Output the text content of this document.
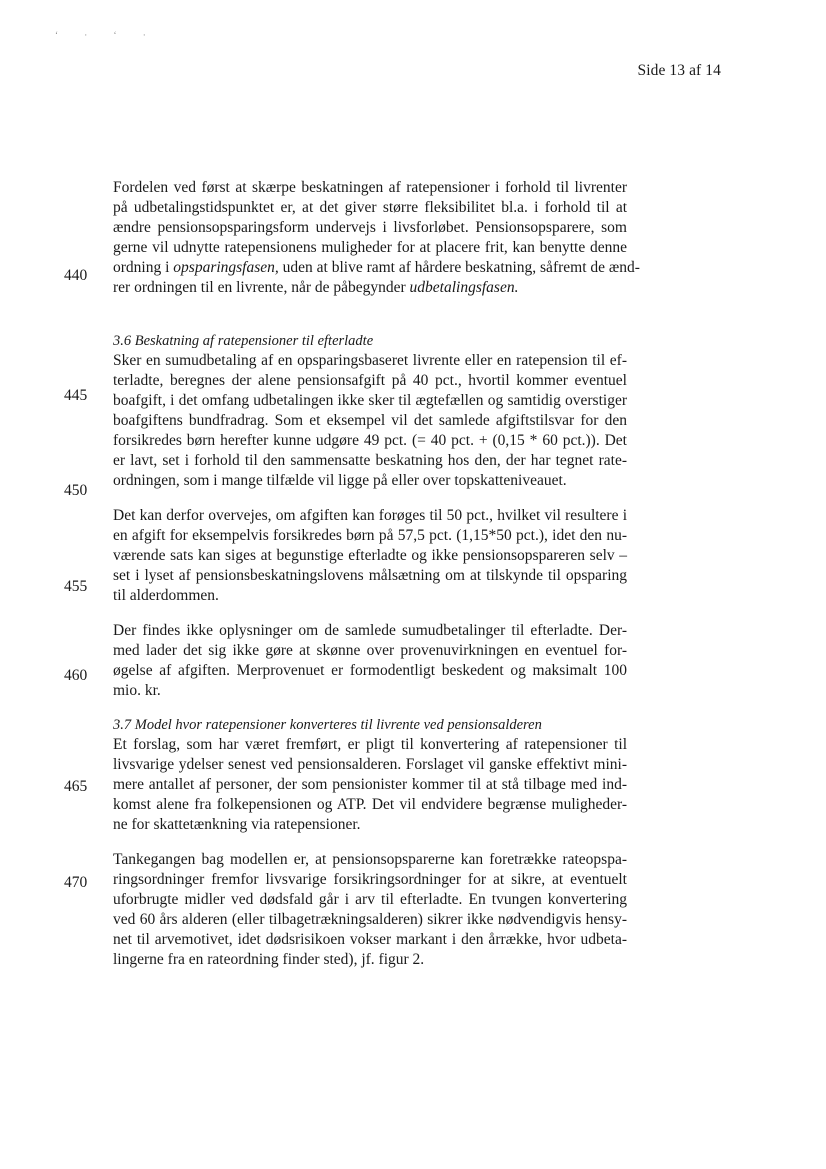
‘ · ‘ ·
Side 13 af 14
440
445
450
455
460
465
470
Fordelen ved først at skærpe beskatningen af ratepensioner i forhold til livrenter
på udbetalingstidspunktet er, at det giver større fleksibilitet bl.a. i forhold til at
ændre pensionsopsparingsform undervejs i livsforløbet. Pensionsopsparere, som
gerne vil udnytte ratepensionens muligheder for at placere frit, kan benytte denne
ordning i opsparingsfasen, uden at blive ramt af hårdere beskatning, såfremt de ænd-
rer ordningen til en livrente, når de påbegynder udbetalingsfasen.

3.6 Beskatning af ratepensioner til efterladte

Sker en sumudbetaling af en opsparingsbaseret livrente eller en ratepension til ef-
terladte, beregnes der alene pensionsafgift på 40 pct., hvortil kommer eventuel
boafgift, i det omfang udbetalingen ikke sker til ægtefællen og samtidig overstiger
boafgiftens bundfradrag. Som et eksempel vil det samlede afgiftstilsvar for den
forsikredes børn herefter kunne udgøre 49 pct. (= 40 pct. + (0,15 * 60 pct.)). Det
er lavt, set i forhold til den sammensatte beskatning hos den, der har tegnet rate-
ordningen, som i mange tilfælde vil ligge på eller over topskatteniveauet.
Det kan derfor overvejes, om afgiften kan forøges til 50 pct., hvilket vil resultere i
en afgift for eksempelvis forsikredes børn på 57,5 pct. (1,15*50 pct.), idet den nu-
værende sats kan siges at begunstige efterladte og ikke pensionsopspareren selv –
set i lyset af pensionsbeskatningslovens målsætning om at tilskynde til opsparing
til alderdommen.
Der findes ikke oplysninger om de samlede sumudbetalinger til efterladte. Der-
med lader det sig ikke gøre at skønne over provenuvirkningen en eventuel for-
øgelse af afgiften. Merprovenuet er formodentligt beskedent og maksimalt 100
mio. kr.

3.7 Model hvor ratepensioner konverteres til livrente ved pensionsalderen

Et forslag, som har været fremført, er pligt til konvertering af ratepensioner til
livsvarige ydelser senest ved pensionsalderen. Forslaget vil ganske effektivt mini-
mere antallet af personer, der som pensionister kommer til at stå tilbage med ind-
komst alene fra folkepensionen og ATP. Det vil endvidere begrænse muligheder-
ne for skattetænkning via ratepensioner.
Tankegangen bag modellen er, at pensionsopsparerne kan foretrække rateopspa-
ringsordninger fremfor livsvarige forsikringsordninger for at sikre, at eventuelt
uforbrugte midler ved dødsfald går i arv til efterladte. En tvungen konvertering
ved 60 års alderen (eller tilbagetrækningsalderen) sikrer ikke nødvendigvis hensy-
net til arvemotivet, idet dødsrisikoen vokser markant i den årrække, hvor udbeta-
lingerne fra en rateordning finder sted), jf. figur 2.
